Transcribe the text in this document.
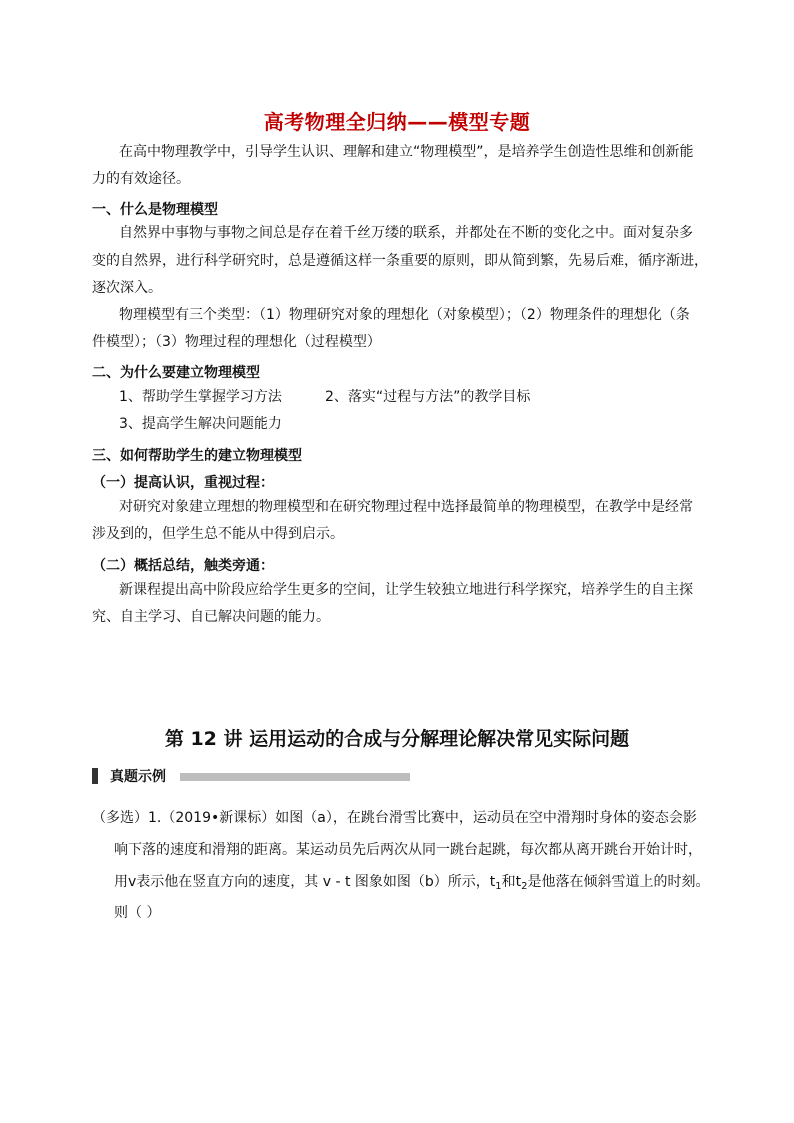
高考物理全归纳——模型专题
在高中物理教学中，引导学生认识、理解和建立“物理模型”，是培养学生创造性思维和创新能
力的有效途径。
一、什么是物理模型
自然界中事物与事物之间总是存在着千丝万缕的联系，并都处在不断的变化之中。面对复杂多
变的自然界，进行科学研究时，总是遵循这样一条重要的原则，即从简到繁，先易后难，循序渐进，
逐次深入。
物理模型有三个类型：（1）物理研究对象的理想化（对象模型）；（2）物理条件的理想化（条
件模型）；（3）物理过程的理想化（过程模型）
二、为什么要建立物理模型
1、帮助学生掌握学习方法	2、落实“过程与方法”的教学目标
3、提高学生解决问题能力
三、如何帮助学生的建立物理模型
（一）提高认识，重视过程：
对研究对象建立理想的物理模型和在研究物理过程中选择最简单的物理模型，在教学中是经常
涉及到的，但学生总不能从中得到启示。
（二）概括总结，触类旁通：
新课程提出高中阶段应给学生更多的空间，让学生较独立地进行科学探究，培养学生的自主探
究、自主学习、自已解决问题的能力。
第 12 讲 运用运动的合成与分解理论解决常见实际问题
真题示例
（多选）1.（2019•新课标）如图（a），在跳台滑雪比赛中，运动员在空中滑翔时身体的姿态会影
响下落的速度和滑翔的距离。某运动员先后两次从同一跳台起跳，每次都从离开跳台开始计时，
用v表示他在竖直方向的速度，其 v - t 图象如图（b）所示，$t_1$和$t_2$是他落在倾斜雪道上的时刻。
则（ ）
